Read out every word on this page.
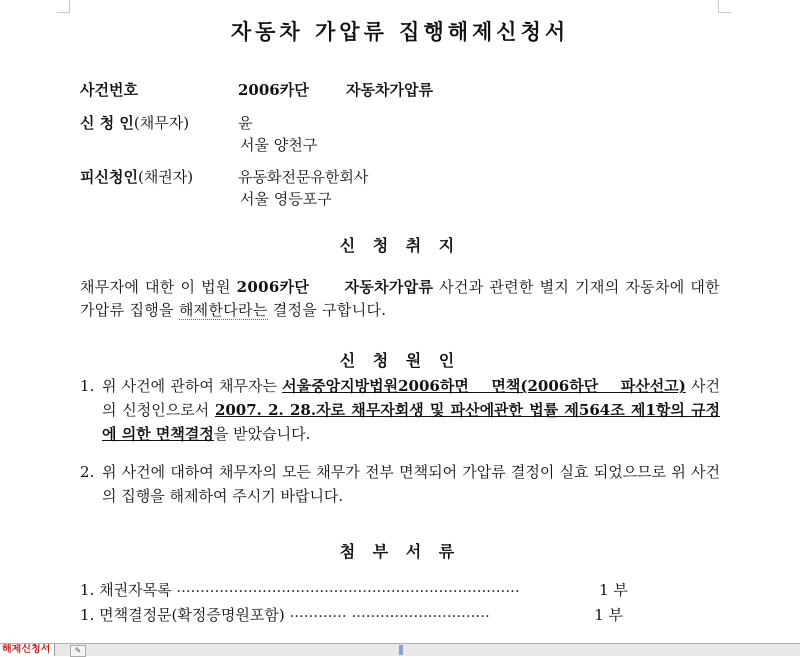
자동차 가압류 집행해제신청서
사건번호	2006카단 자동차가압류
신 청 인(채무자)	윤
서울 양천구
피신청인(채권자)	유동화전문유한회사
서울 영등포구
신 청 취 지
채무자에 대한 이 법원 2006카단 자동차가압류 사건과 관련한 별지 기재의 자동차에 대한 가압류 집행을 해제한다라는 결정을 구합니다.
신 청 원 인
1. 위 사건에 관하여 채무자는 서울중앙지방법원2006하면    면책(2006하단    파산선고) 사건의 신청인으로서 2007. 2. 28.자로 채무자회생 및 파산에관한 법률 제564조 제1항의 규정에 의한 면책결정을 받았습니다.
2. 위 사건에 대하여 채무자의 모든 채무가 전부 면책되어 가압류 결정이 실효 되었으므로 위 사건의 집행을 해제하여 주시기 바랍니다.
첨 부 서 류
1. 채권자목록 ········································································	1 부
1. 면책결정문(확정증명원포함) ············ ·····························	1 부
해제신청서	✎
